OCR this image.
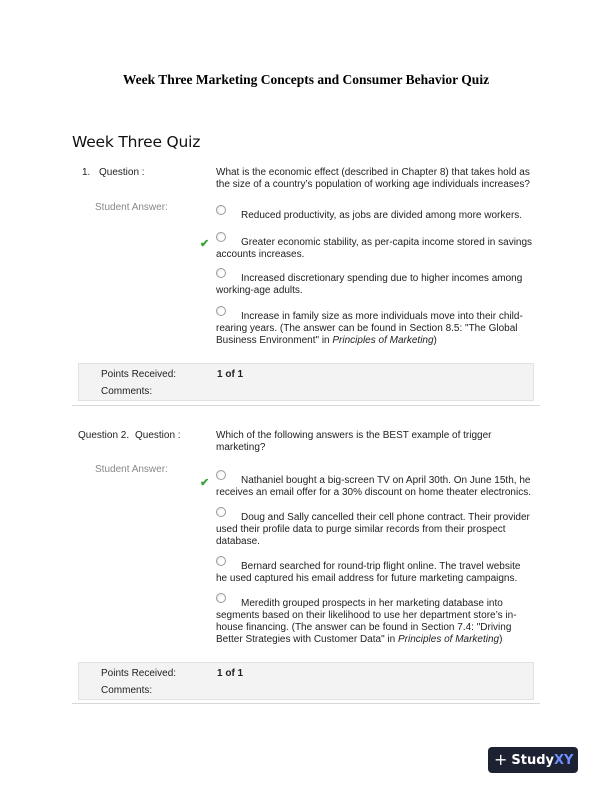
Week Three Marketing Concepts and Consumer Behavior Quiz
Week Three Quiz
1. Question :	What is the economic effect (described in Chapter 8) that takes hold as the size of a country’s population of working age individuals increases?
Student Answer:
Reduced productivity, as jobs are divided among more workers.
✔	Greater economic stability, as per-capita income stored in savings accounts increases.
Increased discretionary spending due to higher incomes among working-age adults.
Increase in family size as more individuals move into their child-rearing years. (The answer can be found in Section 8.5: "The Global Business Environment" in Principles of Marketing)
Points Received:	1 of 1
Comments:
Question 2. Question :	Which of the following answers is the BEST example of trigger marketing?
Student Answer:
✔	Nathaniel bought a big-screen TV on April 30th. On June 15th, he receives an email offer for a 30% discount on home theater electronics.
Doug and Sally cancelled their cell phone contract. Their provider used their profile data to purge similar records from their prospect database.
Bernard searched for round-trip flight online. The travel website he used captured his email address for future marketing campaigns.
Meredith grouped prospects in her marketing database into segments based on their likelihood to use her department store’s in-house financing. (The answer can be found in Section 7.4: "Driving Better Strategies with Customer Data" in Principles of Marketing)
Points Received:	1 of 1
Comments:
+ Study XY
